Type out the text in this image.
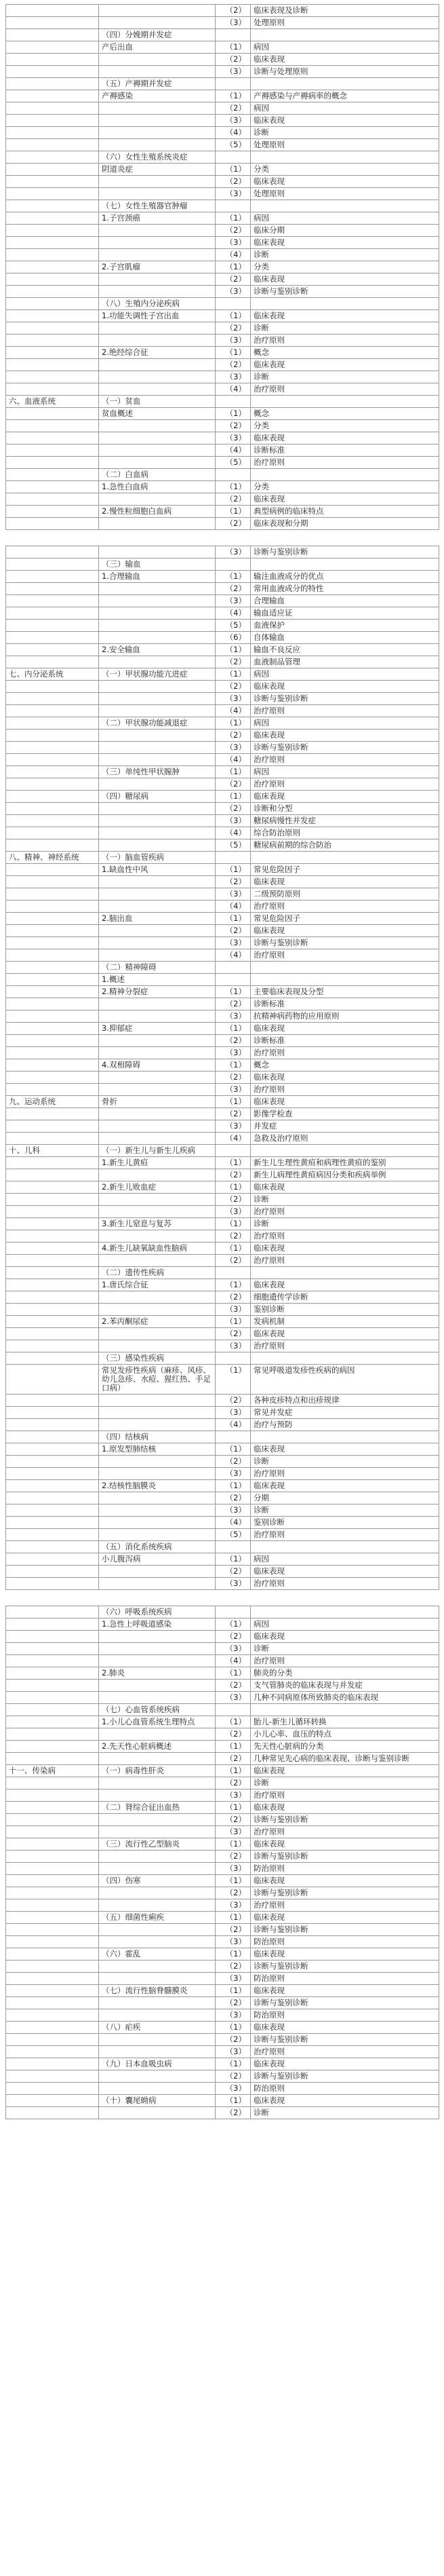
		（2）	临床表现及诊断
		（3）	处理原则
	（四）分娩期并发症		
	产后出血	（1）	病因
		（2）	临床表现
		（3）	诊断与处理原则
	（五）产褥期并发症		
	产褥感染	（1）	产褥感染与产褥病率的概念
		（2）	病因
		（3）	临床表现
		（4）	诊断
		（5）	处理原则
	（六）女性生殖系统炎症		
	阴道炎症	（1）	分类
		（2）	临床表现
		（3）	处理原则
	（七）女性生殖器官肿瘤		
	1.子宫颈癌	（1）	病因
		（2）	临床分期
		（3）	临床表现
		（4）	诊断
	2.子宫肌瘤	（1）	分类
		（2）	临床表现
		（3）	诊断与鉴别诊断
	（八）生殖内分泌疾病		
	1.功能失调性子宫出血	（1）	临床表现
		（2）	诊断
		（3）	治疗原则
	2.绝经综合征	（1）	概念
		（2）	临床表现
		（3）	诊断
		（4）	治疗原则
六、血液系统	（一）贫血		
	贫血概述	（1）	概念
		（2）	分类
		（3）	临床表现
		（4）	诊断标准
		（5）	治疗原则
	（二）白血病		
	1.急性白血病	（1）	分类
		（2）	临床表现
	2.慢性粒细胞白血病	（1）	典型病例的临床特点
		（2）	临床表现和分期

		（3）	诊断与鉴别诊断
	（三）输血		
	1.合理输血	（1）	输注血液成分的优点
		（2）	常用血液成分的特性
		（3）	合理输血
		（4）	输血适应证
		（5）	血液保护
		（6）	自体输血
	2.安全输血	（1）	输血不良反应
		（2）	血液制品管理
七、内分泌系统	（一）甲状腺功能亢进症	（1）	病因
		（2）	临床表现
		（3）	诊断与鉴别诊断
		（4）	治疗原则
	（二）甲状腺功能减退症	（1）	病因
		（2）	临床表现
		（3）	诊断与鉴别诊断
		（4）	治疗原则
	（三）单纯性甲状腺肿	（1）	病因
		（2）	治疗原则
	（四）糖尿病	（1）	临床表现
		（2）	诊断和分型
		（3）	糖尿病慢性并发症
		（4）	综合防治原则
		（5）	糖尿病前期的综合防治
八、精神、神经系统	（一）脑血管疾病		
	1.缺血性中风	（1）	常见危险因子
		（2）	临床表现
		（3）	二级预防原则
		（4）	治疗原则
	2.脑出血	（1）	常见危险因子
		（2）	临床表现
		（3）	诊断与鉴别诊断
		（4）	治疗原则
	（二）精神障碍		
	1.概述		
	2.精神分裂症	（1）	主要临床表现及分型
		（2）	诊断标准
		（3）	抗精神病药物的应用原则
	3.抑郁症	（1）	临床表现
		（2）	诊断标准
		（3）	治疗原则
	4.双相障碍	（1）	概念
		（2）	临床表现
		（3）	治疗原则
九、运动系统	骨折	（1）	临床表现
		（2）	影像学检查
		（3）	并发症
		（4）	急救及治疗原则
十、儿科	（一）新生儿与新生儿疾病		
	1.新生儿黄疸	（1）	新生儿生理性黄疸和病理性黄疸的鉴别
		（2）	新生儿病理性黄疸病因分类和疾病举例
	2.新生儿败血症	（1）	临床表现
		（2）	诊断
		（3）	治疗原则
	3.新生儿窒息与复苏	（1）	诊断
		（2）	治疗原则
	4.新生儿缺氧缺血性脑病	（1）	临床表现
		（2）	治疗原则
	（二）遗传性疾病		
	1.唐氏综合征	（1）	临床表现
		（2）	细胞遗传学诊断
		（3）	鉴别诊断
	2.苯丙酮尿症	（1）	发病机制
		（2）	临床表现
		（3）	治疗原则
	（三）感染性疾病		
	常见发疹性疾病（麻疹、风疹、幼儿急疹、水痘、猩红热、手足口病）	（1）	常见呼吸道发疹性疾病的病因
		（2）	各种皮疹特点和出疹规律
		（3）	常见并发症
		（4）	治疗与预防
	（四）结核病		
	1.原发型肺结核	（1）	临床表现
		（2）	诊断
		（3）	治疗原则
	2.结核性脑膜炎	（1）	临床表现
		（2）	分期
		（3）	诊断
		（4）	鉴别诊断
		（5）	治疗原则
	（五）消化系统疾病		
	小儿腹泻病	（1）	病因
		（2）	临床表现
		（3）	治疗原则

	（六）呼吸系统疾病		
	1.急性上呼吸道感染	（1）	病因
		（2）	临床表现
		（3）	诊断
		（4）	治疗原则
	2.肺炎	（1）	肺炎的分类
		（2）	支气管肺炎的临床表现与并发症
		（3）	几种不同病原体所致肺炎的临床表现
	（七）心血管系统疾病		
	1.小儿心血管系统生理特点	（1）	胎儿-新生儿循环转换
		（2）	小儿心率、血压的特点
	2.先天性心脏病概述	（1）	先天性心脏病的分类
		（2）	几种常见先心病的临床表现、诊断与鉴别诊断
十一、传染病	（一）病毒性肝炎	（1）	临床表现
		（2）	诊断
		（3）	治疗原则
	（二）肾综合征出血热	（1）	临床表现
		（2）	诊断与鉴别诊断
		（3）	治疗原则
	（三）流行性乙型脑炎	（1）	临床表现
		（2）	诊断与鉴别诊断
		（3）	防治原则
	（四）伤寒	（1）	临床表现
		（2）	诊断与鉴别诊断
		（3）	治疗原则
	（五）细菌性痢疾	（1）	临床表现
		（2）	诊断与鉴别诊断
		（3）	防治原则
	（六）霍乱	（1）	临床表现
		（2）	诊断与鉴别诊断
		（3）	防治原则
	（七）流行性脑脊髓膜炎	（1）	临床表现
		（2）	诊断与鉴别诊断
		（3）	防治原则
	（八）疟疾	（1）	临床表现
		（2）	诊断与鉴别诊断
		（3）	治疗原则
	（九）日本血吸虫病	（1）	临床表现
		（2）	诊断与鉴别诊断
		（3）	防治原则
	（十）囊尾蚴病	（1）	临床表现
		（2）	诊断
